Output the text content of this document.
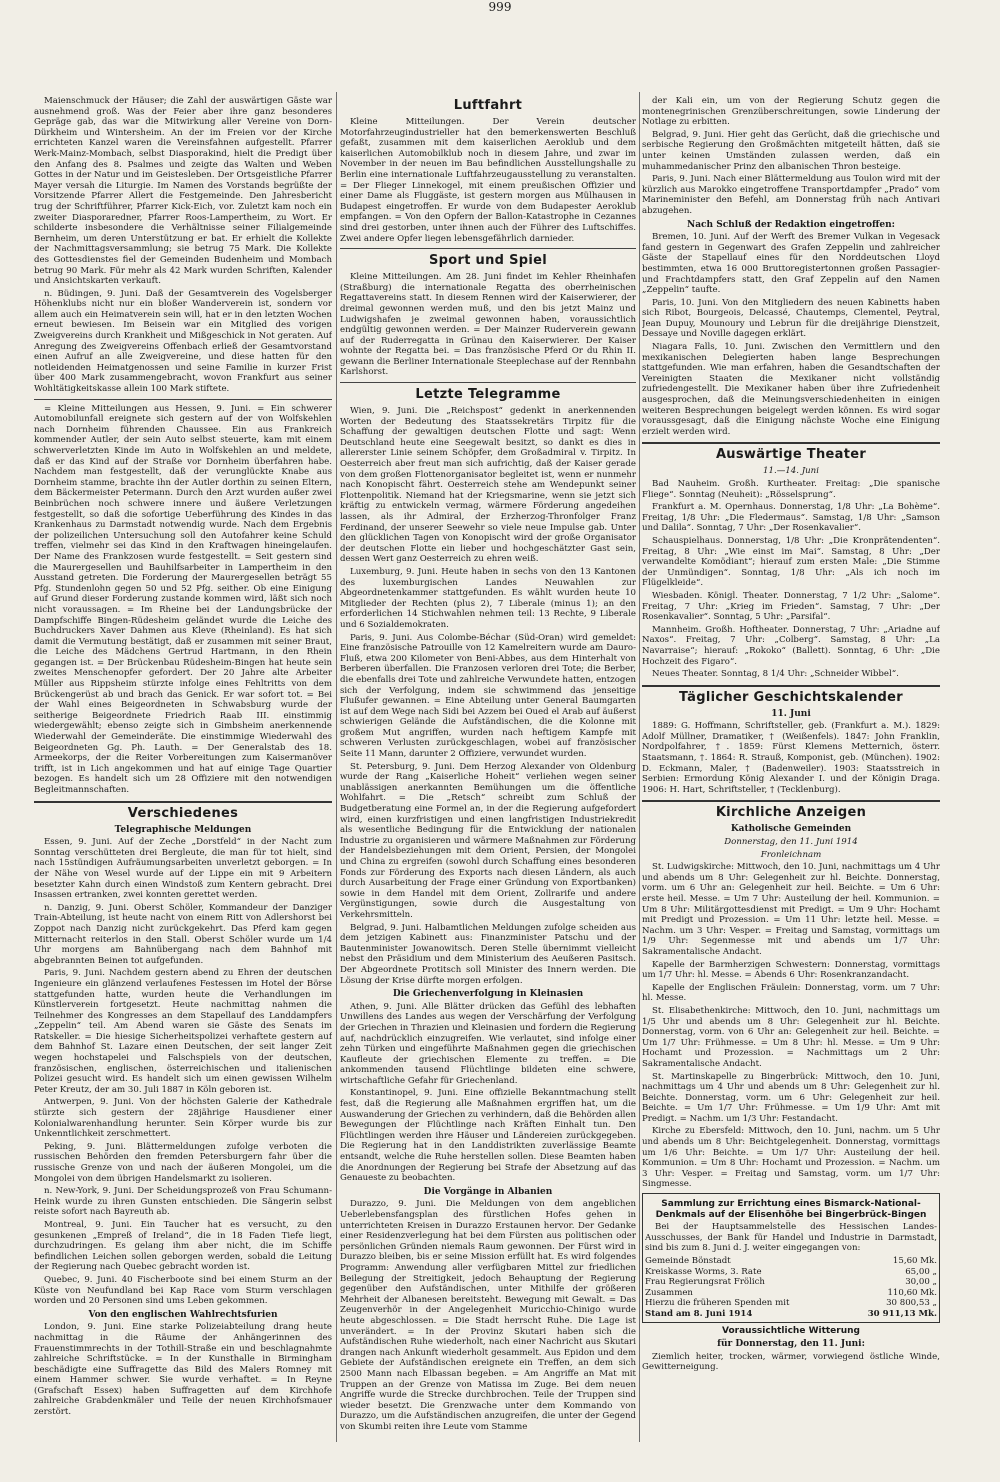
999

Maienschmuck der Häuser; die Zahl der auswärtigen Gäste war ausnehmend groß. Was der Feier aber ihre ganz besonderes Gepräge gab, das war die Mitwirkung aller Vereine von Dorn-Dürkheim und Wintersheim. An der im Freien vor der Kirche errichteten Kanzel waren die Vereinsfahnen aufgestellt. Pfarrer Werk-Mainz-Mombach, selbst Diasporakind, hielt die Predigt über den Anfang des 8. Psalmes und zeigte das Walten und Weben Gottes in der Natur und im Geistesleben. Der Ortsgeistliche Pfarrer Mayer versah die Liturgie. Im Namen des Vorstands begrüßte der Vorsitzende Pfarrer Allert die Festgemeinde. Den Jahresbericht trug der Schriftführer, Pfarrer Kick-Eich, vor. Zuletzt kam noch ein zweiter Diasporaredner, Pfarrer Roos-Lampertheim, zu Wort. Er schilderte insbesondere die Verhältnisse seiner Filialgemeinde Bernheim, um deren Unterstützung er bat. Er erhielt die Kollekte der Nachmittagsversammlung; sie betrug 75 Mark. Die Kollekte des Gottesdienstes fiel der Gemeinden Budenheim und Mombach betrug 90 Mark. Für mehr als 42 Mark wurden Schriften, Kalender und Ansichtskarten verkauft.

n. Büdingen, 9. Juni. Daß der Gesamtverein des Vogelsberger Höhenklubs nicht nur ein bloßer Wanderverein ist, sondern vor allem auch ein Heimatverein sein will, hat er in den letzten Wochen erneut bewiesen. Im Beisein war ein Mitglied des vorigen Zweigvereins durch Krankheit und Mißgeschick in Not geraten. Auf Anregung des Zweigvereins Offenbach erließ der Gesamtvorstand einen Aufruf an alle Zweigvereine, und diese hatten für den notleidenden Heimatgenossen und seine Familie in kurzer Frist über 400 Mark zusammengebracht, wovon Frankfurt aus seiner Wohltätigkeitskasse allein 100 Mark stiftete.

= Kleine Mitteilungen aus Hessen, 9. Juni. = Ein schwerer Automobilunfall ereignete sich gestern auf der von Wolfskehlen nach Dornheim führenden Chaussee. Ein aus Frankreich kommender Autler, der sein Auto selbst steuerte, kam mit einem schwerverletzten Kinde im Auto in Wolfskehlen an und meldete, daß er das Kind auf der Straße vor Dornheim überfahren habe. Nachdem man festgestellt, daß der verunglückte Knabe aus Dornheim stamme, brachte ihn der Autler dorthin zu seinen Eltern, dem Bäckermeister Petermann. Durch den Arzt wurden außer zwei Beinbrüchen noch schwere innere und äußere Verletzungen festgestellt, so daß die sofortige Ueberführung des Kindes in das Krankenhaus zu Darmstadt notwendig wurde. Nach dem Ergebnis der polizeilichen Untersuchung soll den Autofahrer keine Schuld treffen, vielmehr sei das Kind in den Kraftwagen hineingelaufen. Der Name des Frankzosen wurde festgestellt. = Seit gestern sind die Maurergesellen und Bauhilfsarbeiter in Lampertheim in den Ausstand getreten. Die Forderung der Maurergesellen beträgt 55 Pfg. Stundenlohn gegen 50 und 52 Pfg. seither. Ob eine Einigung auf Grund dieser Forderung zustande kommen wird, läßt sich noch nicht voraussagen. = Im Rheine bei der Landungsbrücke der Dampfschiffe Bingen-Rüdesheim geländet wurde die Leiche des Buchdruckers Xaver Dahmen aus Kleve (Rheinland). Es hat sich damit die Vermutung bestätigt, daß er zusammen mit seiner Braut, die Leiche des Mädchens Gertrud Hartmann, in den Rhein gegangen ist. = Der Brückenbau Rüdesheim-Bingen hat heute sein zweites Menschenopfer gefordert. Der 20 Jahre alte Arbeiter Müller aus Rippsheim stürzte infolge eines Fehltritts von dem Brückengerüst ab und brach das Genick. Er war sofort tot. = Bei der Wahl eines Beigeordneten in Schwabsburg wurde der seitherige Beigeordnete Friedrich Raab III. einstimmig wiedergewählt; ebenso zeigte sich in Gimbsheim anerkennende Wiederwahl der Gemeinderäte. Die einstimmige Wiederwahl des Beigeordneten Gg. Ph. Lauth. = Der Generalstab des 18. Armeekorps, der die Reiter Vorbereitungen zum Kaisermanöver trifft, ist in Lich angekommen und hat auf einige Tage Quartier bezogen. Es handelt sich um 28 Offiziere mit den notwendigen Begleitmannschaften.

Verschiedenes
Telegraphische Meldungen

Essen, 9. Juni. Auf der Zeche „Dorstfeld“ in der Nacht zum Sonntag verschütteten drei Bergleute, die man für tot hielt, sind nach 15stündigen Aufräumungsarbeiten unverletzt geborgen. = In der Nähe von Wesel wurde auf der Lippe ein mit 9 Arbeitern besetzter Kahn durch einen Windstoß zum Kentern gebracht. Drei Insassen ertranken, zwei konnten gerettet werden.

n. Danzig, 9. Juni. Oberst Schöler, Kommandeur der Danziger Train-Abteilung, ist heute nacht von einem Ritt von Adlershorst bei Zoppot nach Danzig nicht zurückgekehrt. Das Pferd kam gegen Mitternacht reiterlos in den Stall. Oberst Schöler wurde um 1/4 Uhr morgens am Bahnübergang nach dem Bahnhof mit abgebrannten Beinen tot aufgefunden.

Paris, 9. Juni. Nachdem gestern abend zu Ehren der deutschen Ingenieure ein glänzend verlaufenes Festessen im Hotel der Börse stattgefunden hatte, wurden heute die Verhandlungen im Künstlerverein fortgesetzt. Heute nachmittag nahmen die Teilnehmer des Kongresses an dem Stapellauf des Landdampfers „Zeppelin“ teil. Am Abend waren sie Gäste des Senats im Ratskeller. = Die hiesige Sicherheitspolizei verhaftete gestern auf dem Bahnhof St. Lazare einen Deutschen, der seit langer Zeit wegen hochstapelei und Falschspiels von der deutschen, französischen, englischen, österreichischen und italienischen Polizei gesucht wird. Es handelt sich um einen gewissen Wilhelm Peter Kreutz, der am 30. Juli 1887 in Köln geboren ist.

Antwerpen, 9. Juni. Von der höchsten Galerie der Kathedrale stürzte sich gestern der 28jährige Hausdiener einer Kolonialwarenhandlung herunter. Sein Körper wurde bis zur Unkenntlichkeit zerschmettert.

Peking, 9. Juni. Blättermeldungen zufolge verboten die russischen Behörden den fremden Petersburgern fahr über die russische Grenze von und nach der äußeren Mongolei, um die Mongolei von dem übrigen Handelsmarkt zu isolieren.

n. New-York, 9. Juni. Der Scheidungsprozeß von Frau Schumann-Heink wurde zu ihren Gunsten entschieden. Die Sängerin selbst reiste sofort nach Bayreuth ab.

Montreal, 9. Juni. Ein Taucher hat es versucht, zu den gesunkenen „Empreß of Ireland“, die in 18 Faden Tiefe liegt, durchzudringen. Es gelang ihm aber nicht, die im Schiffe befindlichen Leichen sollen geborgen werden, sobald die Leitung der Regierung nach Quebec gebracht worden ist.

Quebec, 9. Juni. 40 Fischerboote sind bei einem Sturm an der Küste von Neufundland bei Kap Race vom Sturm verschlagen worden und 20 Personen sind ums Leben gekommen.

Von den englischen Wahlrechtsfurien

London, 9. Juni. Eine starke Polizeiabteilung drang heute nachmittag in die Räume der Anhängerinnen des Frauenstimmrechts in der Tothill-Straße ein und beschlagnahmte zahlreiche Schriftstücke. = In der Kunsthalle in Birmingham beschädigte eine Suffragette das Bild des Malers Romney mit einem Hammer schwer. Sie wurde verhaftet. = In Reyne (Grafschaft Essex) haben Suffragetten auf dem Kirchhofe zahlreiche Grabdenkmäler und Teile der neuen Kirchhofsmauer zerstört.

Luftfahrt

Kleine Mitteilungen. Der Verein deutscher Motorfahrzeugindustrieller hat den bemerkenswerten Beschluß gefaßt, zusammen mit dem kaiserlichen Aeroklub und dem kaiserlichen Automobilklub noch in diesem Jahre, und zwar im November in der neuen im Bau befindlichen Ausstellungshalle zu Berlin eine internationale Luftfahrzeugausstellung zu veranstalten. = Der Flieger Linnekogel, mit einem preußischen Offizier und einer Dame als Fluggäste, ist gestern morgen aus Mülhausen in Budapest eingetroffen. Er wurde von dem Budapester Aeroklub empfangen. = Von den Opfern der Ballon-Katastrophe in Cezannes sind drei gestorben, unter ihnen auch der Führer des Luftschiffes. Zwei andere Opfer liegen lebensgefährlich darnieder.

Sport und Spiel

Kleine Mitteilungen. Am 28. Juni findet im Kehler Rheinhafen (Straßburg) die internationale Regatta des oberrheinischen Regattavereins statt. In diesem Rennen wird der Kaiserwierer, der dreimal gewonnen werden muß, und den bis jetzt Mainz und Ludwigshafen je zweimal gewonnen haben, voraussichtlich endgültig gewonnen werden. = Der Mainzer Ruderverein gewann auf der Ruderregatta in Grünau den Kaiserwierer. Der Kaiser wohnte der Regatta bei. = Das französische Pferd Or du Rhin II. gewann die Berliner Internationale Steeplechase auf der Rennbahn Karlshorst.

Letzte Telegramme

Wien, 9. Juni. Die „Reichspost“ gedenkt in anerkennenden Worten der Bedeutung des Staatssekretärs Tirpitz für die Schaffung der gewaltigen deutschen Flotte und sagt: Wenn Deutschland heute eine Seegewalt besitzt, so dankt es dies in allererster Linie seinem Schöpfer, dem Großadmiral v. Tirpitz. In Oesterreich aber freut man sich aufrichtig, daß der Kaiser gerade von dem großen Flottenorganisator begleitet ist, wenn er nunmehr nach Konopischt fährt. Oesterreich stehe am Wendepunkt seiner Flottenpolitik. Niemand hat der Kriegsmarine, wenn sie jetzt sich kräftig zu entwickeln vermag, wärmere Förderung angedeihen lassen, als ihr Admiral, der Erzherzog-Thronfolger Franz Ferdinand, der unserer Seewehr so viele neue Impulse gab. Unter den glücklichen Tagen von Konopischt wird der große Organisator der deutschen Flotte ein lieber und hochgeschätzter Gast sein, dessen Wert ganz Oesterreich zu ehren weiß.

Luxemburg, 9. Juni. Heute haben in sechs von den 13 Kantonen des luxemburgischen Landes Neuwahlen zur Abgeordnetenkammer stattgefunden. Es wählt wurden heute 10 Mitglieder der Rechten (plus 2), 7 Liberale (minus 1); an den erforderlichen 14 Stichwahlen nehmen teil: 13 Rechte, 9 Liberale und 6 Sozialdemokraten.

Paris, 9. Juni. Aus Colombe-Béchar (Süd-Oran) wird gemeldet: Eine französische Patrouille von 12 Kamelreitern wurde am Dauro-Fluß, etwa 200 Kilometer von Beni-Abbes, aus dem Hinterhalt von Berberen überfallen. Die Franzosen verloren drei Tote; die Berber, die ebenfalls drei Tote und zahlreiche Verwundete hatten, entzogen sich der Verfolgung, indem sie schwimmend das jenseitige Flußufer gewannen. = Eine Abteilung unter General Baumgarten ist auf dem Wege nach Sidi bei Azzem bei Oued el Arab auf äußerst schwierigen Gelände die Aufständischen, die die Kolonne mit großem Mut angriffen, wurden nach heftigem Kampfe mit schweren Verlusten zurückgeschlagen, wobei auf französischer Seite 11 Mann, darunter 2 Offiziere, verwundet wurden.

St. Petersburg, 9. Juni. Dem Herzog Alexander von Oldenburg wurde der Rang „Kaiserliche Hoheit“ verliehen wegen seiner unablässigen anerkannten Bemühungen um die öffentliche Wohlfahrt. = Die „Retsch“ schreibt zum Schluß der Budgetberatung eine Formel an, in der die Regierung aufgefordert wird, einen kurzfristigen und einen langfristigen Industriekredit als wesentliche Bedingung für die Entwicklung der nationalen Industrie zu organisieren und wärmere Maßnahmen zur Förderung der Handelsbeziehungen mit dem Orient, Persien, der Mongolei und China zu ergreifen (sowohl durch Schaffung eines besonderen Fonds zur Förderung des Exports nach diesen Ländern, als auch durch Ausarbeitung der Frage einer Gründung von Exportbanken) sowie in dem Handel mit dem Orient, Zollrarife und andere Vergünstigungen, sowie durch die Ausgestaltung von Verkehrsmitteln.

Belgrad, 9. Juni. Halbamtlichen Meldungen zufolge scheiden aus dem jetzigen Kabinett aus: Finanzminister Patschu und der Bautenminister Jowanowitsch. Deren Stelle übernimmt vielleicht nebst den Präsidium und dem Ministerium des Aeußeren Pasitsch. Der Abgeordnete Protitsch soll Minister des Innern werden. Die Lösung der Krise dürfte morgen erfolgen.

Die Griechenverfolgung in Kleinasien

Athen, 9. Juni. Alle Blätter drücken das Gefühl des lebhaften Unwillens des Landes aus wegen der Verschärfung der Verfolgung der Griechen in Thrazien und Kleinasien und fordern die Regierung auf, nachdrücklich einzugreifen. Wie verlautet, sind infolge einer zehn Türken und eingeführte Maßnahmen gegen die griechischen Kaufleute der griechischen Elemente zu treffen. = Die ankommenden tausend Flüchtlinge bildeten eine schwere, wirtschaftliche Gefahr für Griechenland.

Konstantinopel, 9. Juni. Eine offizielle Bekanntmachung stellt fest, daß die Regierung alle Maßnahmen ergriffen hat, um die Auswanderung der Griechen zu verhindern, daß die Behörden allen Bewegungen der Flüchtlinge nach Kräften Einhalt tun. Den Flüchtlingen werden ihre Häuser und Ländereien zurückgegeben. Die Regierung hat in den Landdistrikten zuverlässige Beamte entsandt, welche die Ruhe herstellen sollen. Diese Beamten haben die Anordnungen der Regierung bei Strafe der Absetzung auf das Genaueste zu beobachten.

Die Vorgänge in Albanien

Durazzo, 9. Juni. Die Meldungen von dem angeblichen Ueberlebensfangsplan des fürstlichen Hofes gehen in unterrichteten Kreisen in Durazzo Erstaunen hervor. Der Gedanke einer Residenzverlegung hat bei dem Fürsten aus politischen oder persönlichen Gründen niemals Raum gewonnen. Der Fürst wird in Durazzo bleiben, bis er seine Mission erfüllt hat. Es wird folgendes Programm: Anwendung aller verfügbaren Mittel zur friedlichen Beilegung der Streitigkeit, jedoch Behauptung der Regierung gegenüber den Aufständischen, unter Mithilfe der größeren Mehrheit der Albanesen bereitsteht. Bewegung mit Gewalt. = Das Zeugenverhör in der Angelegenheit Muricchio-Chinigo wurde heute abgeschlossen. = Die Stadt herrscht Ruhe. Die Lage ist unverändert. = In der Provinz Skutari haben sich die Aufständischen Ruhe wiederholt, nach einer Nachricht aus Skutari drangen nach Ankunft wiederholt gesammelt. Aus Epidon und dem Gebiete der Aufständischen ereignete ein Treffen, an dem sich 2500 Mann nach Elbassan begeben. = Am Angriffe an Mat mit Truppen an der Grenze von Matissa im Zuge. Bei dem neuen Angriffe wurde die Strecke durchbrochen. Teile der Truppen sind wieder besetzt. Die Grenzwache unter dem Kommando von Durazzo, um die Aufständischen anzugreifen, die unter der Gegend von Skumbi reiten ihre Leute vom Stamme

der Kali ein, um von der Regierung Schutz gegen die montenegrinischen Grenzüberschreitungen, sowie Linderung der Notlage zu erbitten.

Belgrad, 9. Juni. Hier geht das Gerücht, daß die griechische und serbische Regierung den Großmächten mitgeteilt hätten, daß sie unter keinen Umständen zulassen werden, daß ein muhammedanischer Prinz den albanischen Thron besteige.

Paris, 9. Juni. Nach einer Blättermeldung aus Toulon wird mit der kürzlich aus Marokko eingetroffene Transportdampfer „Prado“ vom Marineminister den Befehl, am Donnerstag früh nach Antivari abzugehen.

Nach Schluß der Redaktion eingetroffen:

Bremen, 10. Juni. Auf der Werft des Bremer Vulkan in Vegesack fand gestern in Gegenwart des Grafen Zeppelin und zahlreicher Gäste der Stapellauf eines für den Norddeutschen Lloyd bestimmten, etwa 16 000 Bruttoregistertonnen großen Passagier- und Frachtdampfers statt, den Graf Zeppelin auf den Namen „Zeppelin“ taufte.

Paris, 10. Juni. Von den Mitgliedern des neuen Kabinetts haben sich Ribot, Bourgeois, Delcassé, Chautemps, Clementel, Peytral, Jean Dupuy, Mounoury und Lebrun für die dreijährige Dienstzeit, Dessaye und Noville dagegen erklärt.

Niagara Falls, 10. Juni. Zwischen den Vermittlern und den mexikanischen Delegierten haben lange Besprechungen stattgefunden. Wie man erfahren, haben die Gesandtschaften der Vereinigten Staaten die Mexikaner nicht vollständig zufriedengestellt. Die Mexikaner haben über ihre Zufriedenheit ausgesprochen, daß die Meinungsverschiedenheiten in einigen weiteren Besprechungen beigelegt werden können. Es wird sogar voraussgesagt, daß die Einigung nächste Woche eine Einigung erzielt werden wird.

Auswärtige Theater
11.—14. Juni

Bad Nauheim. Großh. Kurtheater. Freitag: „Die spanische Fliege“. Sonntag (Neuheit): „Rösselsprung“.

Frankfurt a. M. Opernhaus. Donnerstag, 1/8 Uhr: „La Bohème“. Freitag, 1/8 Uhr: „Die Fledermaus“. Samstag, 1/8 Uhr: „Samson und Dalila“. Sonntag, 7 Uhr: „Der Rosenkavalier“.

Schauspielhaus. Donnerstag, 1/8 Uhr: „Die Kronprätendenten“. Freitag, 8 Uhr: „Wie einst im Mai“. Samstag, 8 Uhr: „Der verwandelte Komödiant“; hierauf zum ersten Male: „Die Stimme der Unmündigen“. Sonntag, 1/8 Uhr: „Als ich noch im Flügelkleide“.

Wiesbaden. Königl. Theater. Donnerstag, 7 1/2 Uhr: „Salome“. Freitag, 7 Uhr: „Krieg im Frieden“. Samstag, 7 Uhr: „Der Rosenkavalier“. Sonntag, 5 Uhr: „Parsifal“.

Mannheim. Großh. Hoftheater. Donnerstag, 7 Uhr: „Ariadne auf Naxos“. Freitag, 7 Uhr: „Colberg“. Samstag, 8 Uhr: „La Navarraise“; hierauf: „Rokoko“ (Ballett). Sonntag, 6 Uhr: „Die Hochzeit des Figaro“.

Neues Theater. Sonntag, 8 1/4 Uhr: „Schneider Wibbel“.

Täglicher Geschichtskalender
11. Juni

1889: G. Hoffmann, Schriftsteller, geb. (Frankfurt a. M.). 1829: Adolf Müllner, Dramatiker, † (Weißenfels). 1847: John Franklin, Nordpolfahrer, †. 1859: Fürst Klemens Metternich, österr. Staatsmann, †. 1864: R. Strauß, Komponist, geb. (München). 1902: D. Eckmann, Maler, † (Badenweiler). 1903: Staatsstreich in Serbien: Ermordung König Alexander I. und der Königin Draga. 1906: H. Hart, Schriftsteller, † (Tecklenburg).

Kirchliche Anzeigen
Katholische Gemeinden
Donnerstag, den 11. Juni 1914
Fronleichnam

St. Ludwigskirche: Mittwoch, den 10. Juni, nachmittags um 4 Uhr und abends um 8 Uhr: Gelegenheit zur hl. Beichte. Donnerstag, vorm. um 6 Uhr an: Gelegenheit zur heil. Beichte. = Um 6 Uhr: erste heil. Messe. = Um 7 Uhr: Austeilung der heil. Kommunion. = Um 8 Uhr: Militärgottesdienst mit Predigt. = Um 9 Uhr: Hochamt mit Predigt und Prozession. = Um 11 Uhr: letzte heil. Messe. = Nachm. um 3 Uhr: Vesper. = Freitag und Samstag, vormittags um 1/9 Uhr: Segenmesse mit und abends um 1/7 Uhr: Sakramentalische Andacht.

Kapelle der Barmherzigen Schwestern: Donnerstag, vormittags um 1/7 Uhr: hl. Messe. = Abends 6 Uhr: Rosenkranzandacht.

Kapelle der Englischen Fräulein: Donnerstag, vorm. um 7 Uhr: hl. Messe.

St. Elisabethenkirche: Mittwoch, den 10. Juni, nachmittags um 1/5 Uhr und abends um 8 Uhr: Gelegenheit zur hl. Beichte. Donnerstag, vorm. von 6 Uhr an: Gelegenheit zur heil. Beichte. = Um 1/7 Uhr: Frühmesse. = Um 8 Uhr: hl. Messe. = Um 9 Uhr: Hochamt und Prozession. = Nachmittags um 2 Uhr: Sakramentalische Andacht.

St. Martinskapelle zu Bingerbrück: Mittwoch, den 10. Juni, nachmittags um 4 Uhr und abends um 8 Uhr: Gelegenheit zur hl. Beichte. Donnerstag, vorm. um 6 Uhr: Gelegenheit zur heil. Beichte. = Um 1/7 Uhr: Frühmesse. = Um 1/9 Uhr: Amt mit Predigt. = Nachm. um 1/3 Uhr: Festandacht.

Kirche zu Ebersfeld: Mittwoch, den 10. Juni, nachm. um 5 Uhr und abends um 8 Uhr: Beichtgelegenheit. Donnerstag, vormittags um 1/6 Uhr: Beichte. = Um 1/7 Uhr: Austeilung der heil. Kommunion. = Um 8 Uhr: Hochamt und Prozession. = Nachm. um 3 Uhr: Vesper. = Freitag und Samstag, vorm. um 1/7 Uhr: Singmesse.

Sammlung zur Errichtung eines Bismarck-National-Denkmals auf der Elisenhöhe bei Bingerbrück-Bingen

Bei der Hauptsammelstelle des Hessischen Landes-Ausschusses, der Bank für Handel und Industrie in Darmstadt, sind bis zum 8. Juni d. J. weiter eingegangen von:

Gemeinde Bönstadt	15,60 Mk.
Kreiskasse Worms, 3. Rate	65,00 „
Frau Regierungsrat Frölich	30,00 „
Zusammen	110,60 Mk.
Hierzu die früheren Spenden mit	30 800,53 „
Stand am 8. Juni 1914	30 911,13 Mk.
Voraussichtliche Witterung
für Donnerstag, den 11. Juni:

Ziemlich heiter, trocken, wärmer, vorwiegend östliche Winde, Gewitterneigung.
